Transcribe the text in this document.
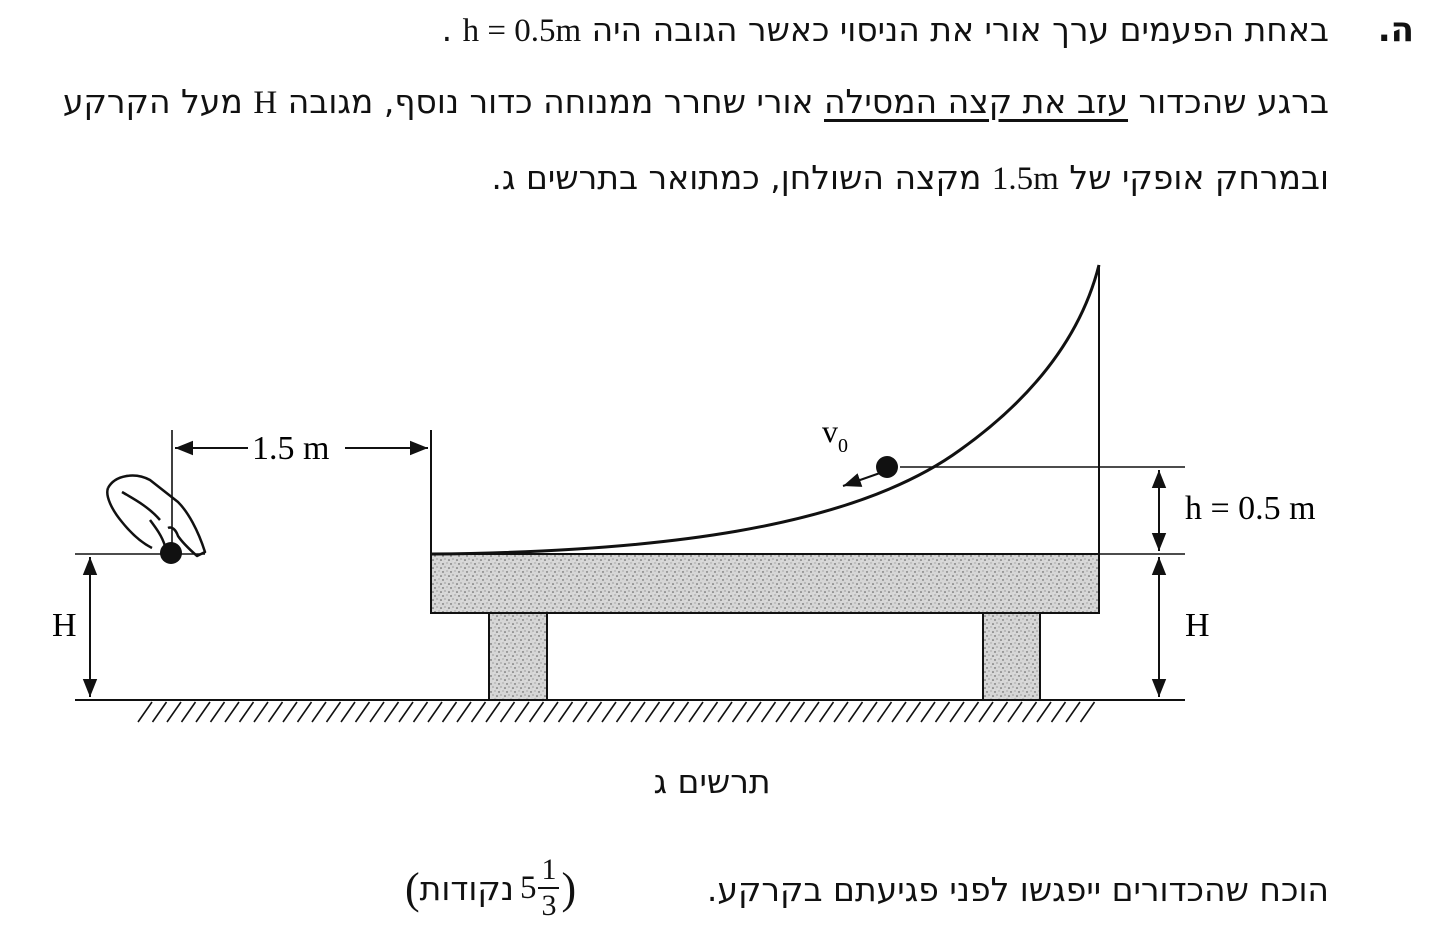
ה.
באחת הפעמים ערך אורי את הניסוי כאשר הגובה היה h = 0.5m .
ברגע שהכדור עזב את קצה המסילה אורי שחרר ממנוחה כדור נוסף, מגובה H מעל הקרקע
ובמרחק אופקי של 1.5m מקצה השולחן, כמתואר בתרשים ג.
$v_0$
h = 0.5 m
H
H
1.5 m
תרשים ג
הוכח שהכדורים ייפגשו לפני פגיעתם בקרקע.
( נקודות $5 \frac{1}{3}$ )
